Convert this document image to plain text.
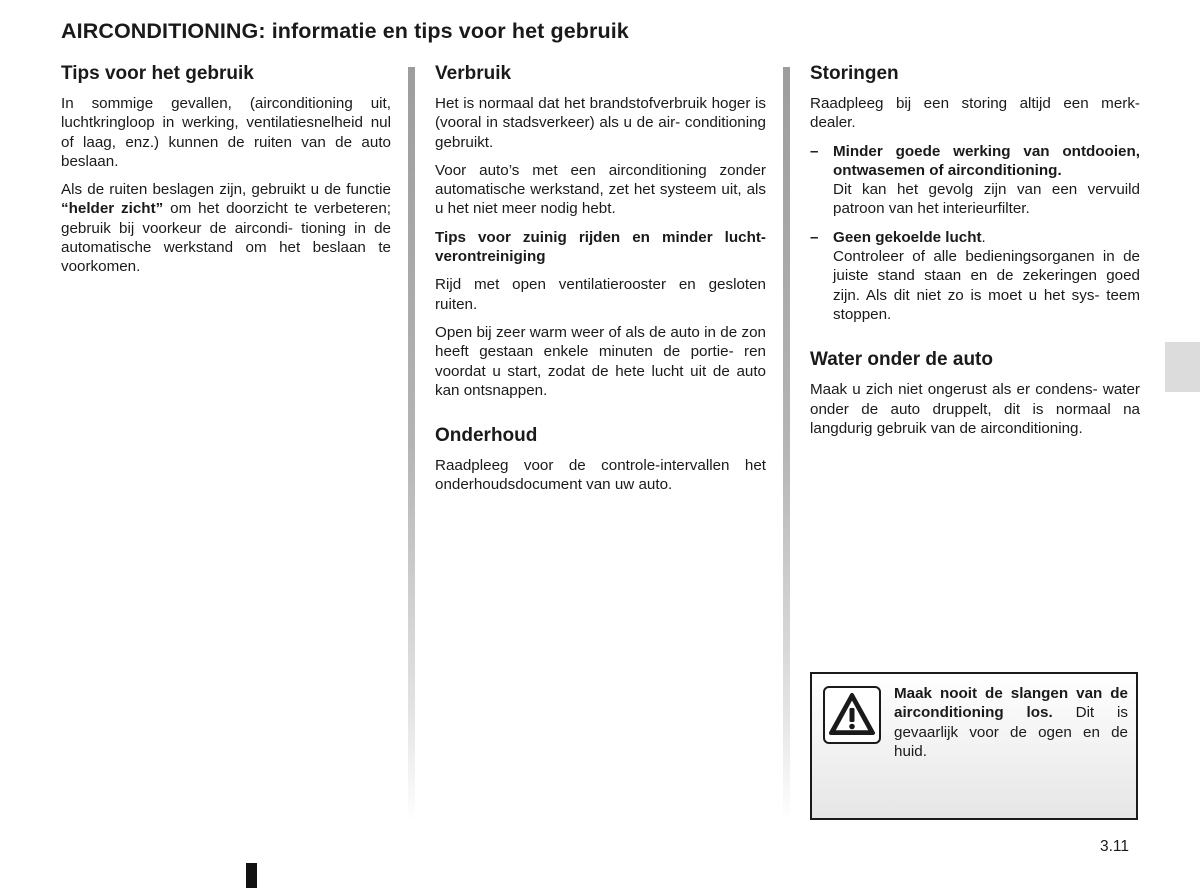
AIRCONDITIONING: informatie en tips voor het gebruik
Tips voor het gebruik

In sommige gevallen, (airconditioning uit, luchtkringloop in werking, ventilatiesnelheid nul of laag, enz.) kunnen de ruiten van de auto beslaan.

Als de ruiten beslagen zijn, gebruikt u de functie “helder zicht” om het doorzicht te verbeteren; gebruik bij voorkeur de aircondi- tioning in de automatische werkstand om het beslaan te voorkomen.

Verbruik

Het is normaal dat het brandstofverbruik hoger is (vooral in stadsverkeer) als u de air- conditioning gebruikt.

Voor auto’s met een airconditioning zonder automatische werkstand, zet het systeem uit, als u het niet meer nodig hebt.

Tips voor zuinig rijden en minder lucht- verontreiniging

Rijd met open ventilatierooster en gesloten ruiten.

Open bij zeer warm weer of als de auto in de zon heeft gestaan enkele minuten de portie- ren voordat u start, zodat de hete lucht uit de auto kan ontsnappen.

Onderhoud

Raadpleeg voor de controle-intervallen het onderhoudsdocument van uw auto.

Storingen

Raadpleeg bij een storing altijd een merk- dealer.

– Minder goede werking van ontdooien, ontwasemen of airconditioning.
Dit kan het gevolg zijn van een vervuild patroon van het interieurfilter.
– Geen gekoelde lucht.
Controleer of alle bedieningsorganen in de juiste stand staan en de zekeringen goed zijn. Als dit niet zo is moet u het sys- teem stoppen.
Water onder de auto

Maak u zich niet ongerust als er condens- water onder de auto druppelt, dit is normaal na langdurig gebruik van de airconditioning.

Maak nooit de slangen van de airconditioning los. Dit is gevaarlijk voor de ogen en de huid.
3.11
